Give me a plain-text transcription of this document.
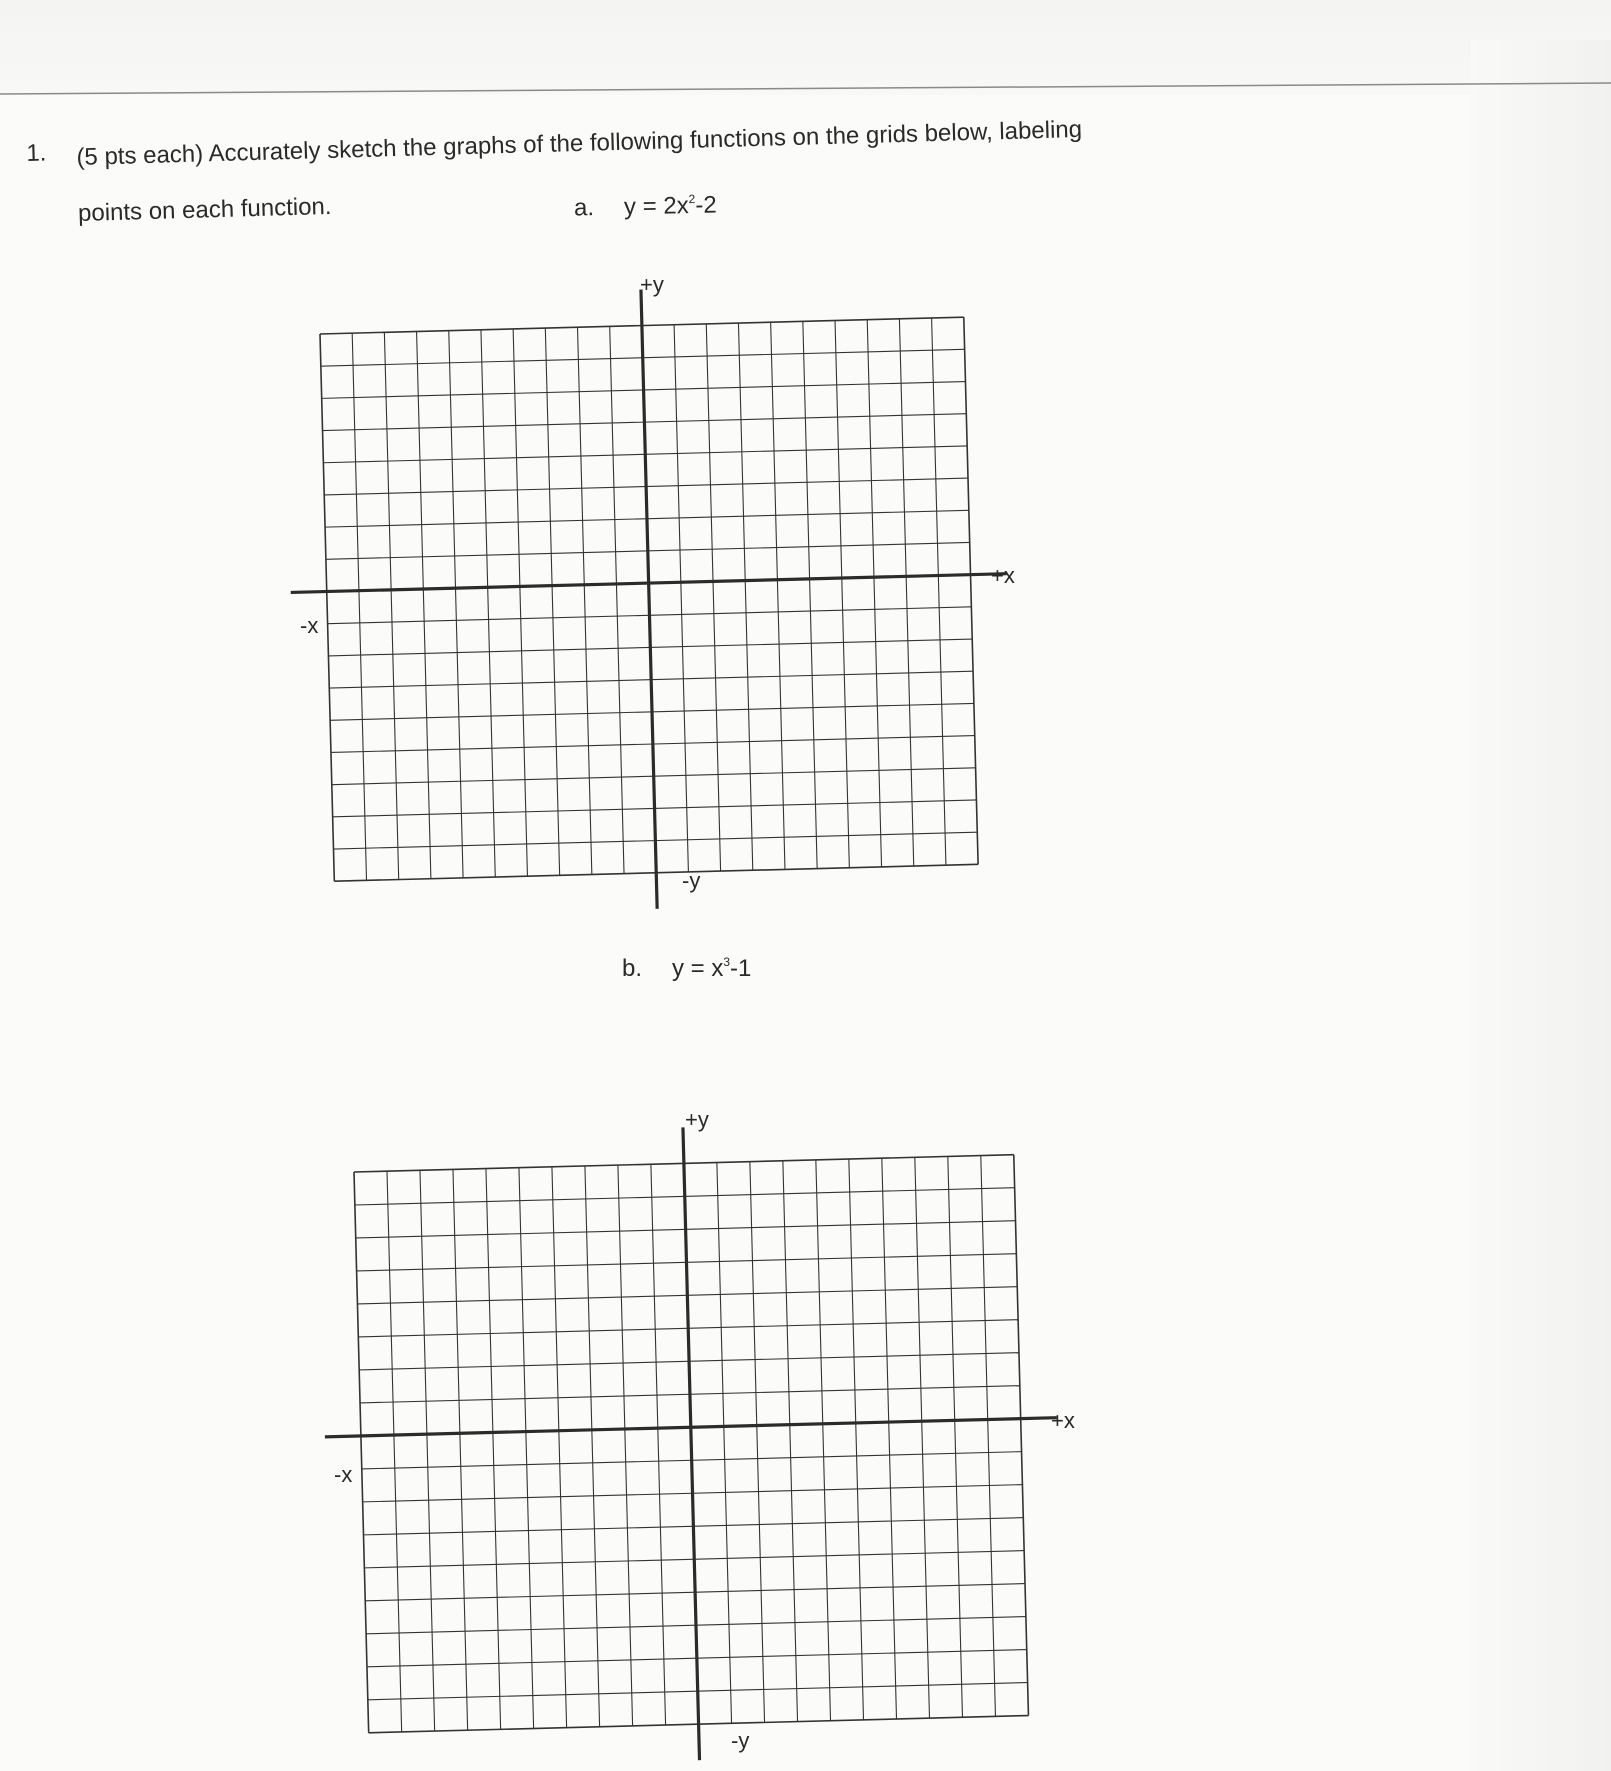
1. (5 pts each) Accurately sketch the graphs of the following functions on the grids below, labeling
points on each function.	a. $y = 2x^2-2$
b. $y = x^3-1$
+y
-y
+x
-x
+y
-y
+x
-x
